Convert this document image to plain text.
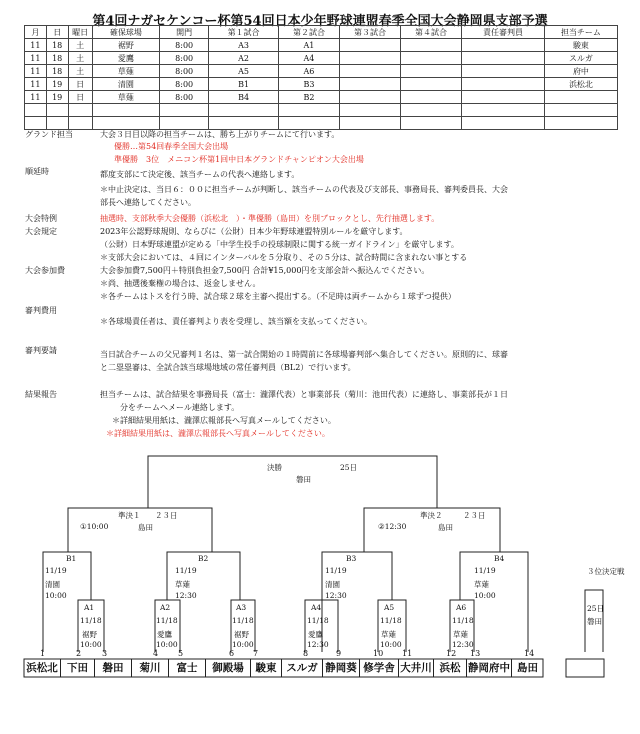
第4回ナガセケンコー杯第54回日本少年野球連盟春季全国大会静岡県支部予選
月	日	曜日	確保球場	開門	第１試合	第２試合	第３試合	第４試合	責任審判員	担当チーム
11	18	土	裾野	8:00	A3	A1				駿東
11	18	土	愛鷹	8:00	A2	A4				スルガ
11	18	土	草薙	8:00	A5	A6				府中
11	19	日	清園	8:00	B1	B3				浜松北
11	19	日	草薙	8:00	B4	B2				

グランド担当	大会３日目以降の担当チームは、勝ち上がりチームにて行います。
優勝…第54回春季全国大会出場
準優勝　3位　メニコン杯第1回中日本グランドチャンピオン大会出場
順延時	都度支部にて決定後、該当チームの代表へ連絡します。
＊中止決定は、当日６：００に担当チームが判断し、該当チームの代表及び支部長、事務局長、審判委員長、大会
部長へ連絡してください。
大会特例	抽選時、支部秋季大会優勝（浜松北　）・準優勝（島田）を別ブロックとし、先行抽選します。
大会規定	2023年公認野球規則、ならびに（公財）日本少年野球連盟特別ルールを厳守します。
（公財）日本野球連盟が定める「中学生投手の投球制限に関する統一ガイドライン」を厳守します。
＊支部大会においては、４回にインターバルを５分取り、その５分は、試合時間に含まれない事とする
大会参加費	大会参加費7,500円＋特別負担金7,500円 合計¥15,000円を支部会計へ振込んでください。
＊尚、抽選後棄権の場合は、返金しません。
＊各チームはトスを行う時、試合球２球を主審へ提出する。（不足時は両チームから１球ずつ提供）
審判費用
＊各球場責任者は、責任審判より表を受理し、該当額を支払ってください。
審判要請	当日試合チームの父兄審判１名は、第一試合開始の１時間前に各球場審判部へ集合してください。原則的に、球審
と二塁塁審は、全試合該当球場地域の常任審判員（BL2）で行います。
結果報告	担当チームは、試合結果を事務局長（富士：瀧澤代表）と事業部長（菊川：池田代表）に連絡し、事業部長が１日
分をチームへメール連絡します。
＊詳細結果用紙は、瀧澤広報部長へ写真メールしてください。
＊詳細結果用紙は、瀧澤広報部長へ写真メールしてください。
決勝	25日
磐田
準決１ ２３日
①10:00	島田
準決２	２３日
②12:30	島田
B1
11/19
清園
10:00
B2
11/19
草薙
12:30
B3
11/19
清園
12:30
B4
11/19
草薙
10:00
A1
11/18
裾野
10:00
A2
11/18
愛鷹
10:00
A3
11/18
裾野
10:00
A4
11/18
愛鷹
12:30
A5
11/18
草薙
10:00
A6
11/18
草薙
12:30
３位決定戦
25日
磐田
1	2	3	4 5	6 7	8	9	10 11	12 13	14
浜松北 下田	磐田	菊川	富士	御殿場	駿東 スルガ 静岡葵 修学舎 大井川 浜松 静岡府中 島田
